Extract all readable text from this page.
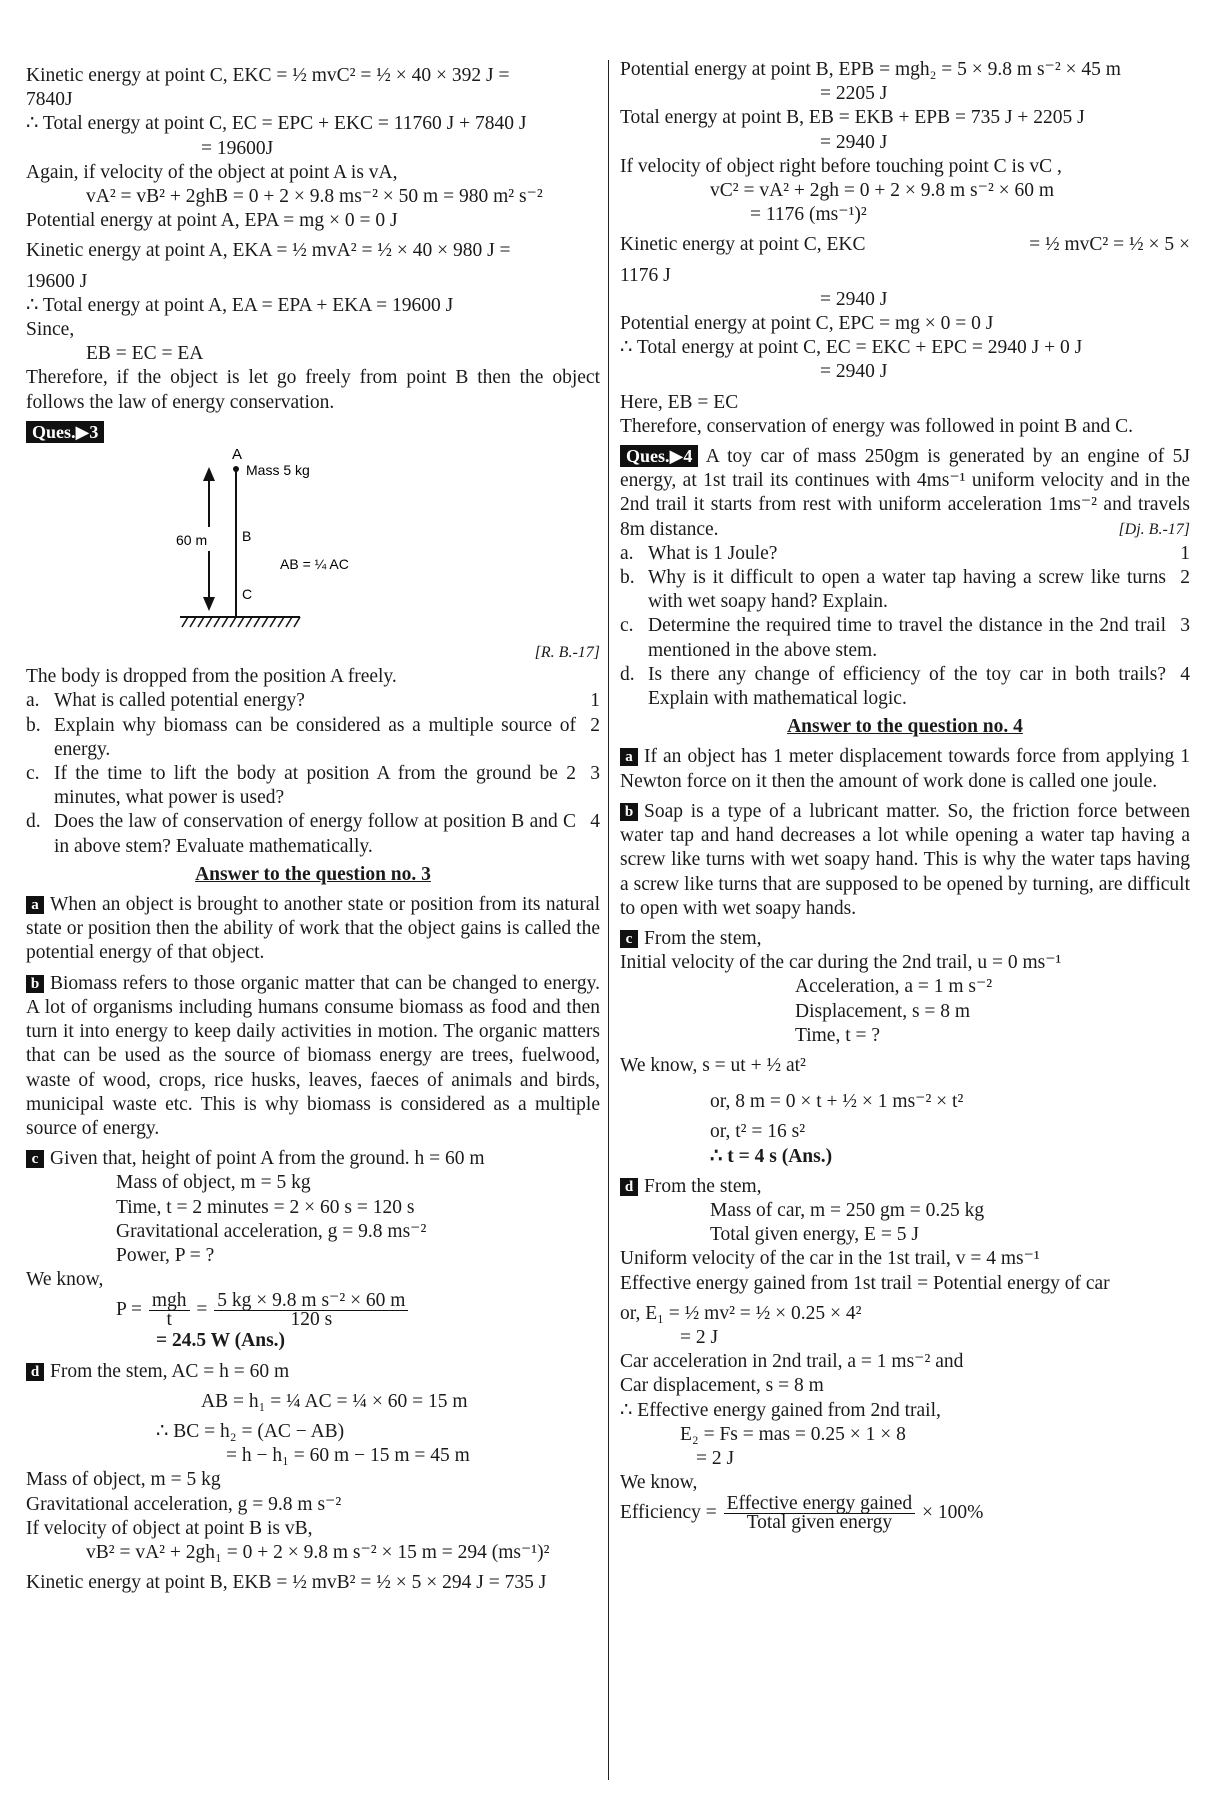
Kinetic energy at point C, EKC = ½ mvC² = ½ × 40 × 392 J =

7840J

∴ Total energy at point C, EC = EPC + EKC = 11760 J + 7840 J

= 19600J

Again, if velocity of the object at point A is vA,

vA² = vB² + 2ghB = 0 + 2 × 9.8 ms⁻² × 50 m = 980 m² s⁻²

Potential energy at point A, EPA = mg × 0 = 0 J

Kinetic energy at point A, EKA = ½ mvA² = ½ × 40 × 980 J =

19600 J

∴ Total energy at point A, EA = EPA + EKA = 19600 J

Since,

EB = EC = EA

Therefore, if the object is let go freely from point B then the object follows the law of energy conservation.

Ques.▶3

A
Mass 5 kg
B
60 m
AB = ¼ AC
C

[R. B.-17]

The body is dropped from the position A freely.

a. What is called potential energy?	1
b. Explain why biomass can be considered as a multiple source of energy.
2
c. If the time to lift the body at position A from the ground be 2 minutes, what power is used?
3
d. Does the law of conservation of energy follow at position B and C in above stem? Evaluate mathematically.
4

Answer to the question no. 3

a When an object is brought to another state or position from its natural state or position then the ability of work that the object gains is called the potential energy of that object.

b Biomass refers to those organic matter that can be changed to energy. A lot of organisms including humans consume biomass as food and then turn it into energy to keep daily activities in motion. The organic matters that can be used as the source of biomass energy are trees, fuelwood, waste of wood, crops, rice husks, leaves, faeces of animals and birds, municipal waste etc. This is why biomass is considered as a multiple source of energy.

c Given that, height of point A from the ground. h = 60 m

Mass of object, m = 5 kg

Time, t = 2 minutes = 2 × 60 s = 120 s

Gravitational acceleration, g = 9.8 ms⁻²

Power, P = ?

We know,

$P = \frac{\text{mgh}}{t} = \frac{\text{5 kg × 9.8 m s⁻² × 60 m}}{120 s}$

= 24.5 W (Ans.)

d From the stem, AC = h = 60 m

AB = h₁ = ¼ AC = ¼ × 60 = 15 m

∴ BC = h₂ = (AC − AB)

= h − h₁ = 60 m − 15 m = 45 m

Mass of object, m = 5 kg

Gravitational acceleration, g = 9.8 m s⁻²

If velocity of object at point B is vB,

vB² = vA² + 2gh₁ = 0 + 2 × 9.8 m s⁻² × 15 m = 294 (ms⁻¹)²

Kinetic energy at point B, EKB = ½ mvB² = ½ × 5 × 294 J = 735 J

Potential energy at point B, EPB = mgh₂ = 5 × 9.8 m s⁻² × 45 m

= 2205 J

Total energy at point B, EB = EKB + EPB = 735 J + 2205 J

= 2940 J

If velocity of object right before touching point C is vC ,

vC² = vA² + 2gh = 0 + 2 × 9.8 m s⁻² × 60 m

= 1176 (ms⁻¹)²

Kinetic energy at point C, EKC	= ½ mvC² = ½ × 5 ×

1176 J

= 2940 J

Potential energy at point C, EPC = mg × 0 = 0 J

∴ Total energy at point C, EC = EKC + EPC = 2940 J + 0 J

= 2940 J

Here, EB = EC

Therefore, conservation of energy was followed in point B and C.

Ques.▶4 A toy car of mass 250gm is generated by an engine of 5J energy, at 1st trail its continues with 4ms⁻¹ uniform velocity and in the 2nd trail it starts from rest with uniform acceleration 1ms⁻² and travels 8m distance.	[Dj. B.-17]

a. What is 1 Joule?	1
b. Why is it difficult to open a water tap having a screw like turns with wet soapy hand? Explain.
2
c. Determine the required time to travel the distance in the 2nd trail mentioned in the above stem.
3
d. Is there any change of efficiency of the toy car in both trails? Explain with mathematical logic.
4

Answer to the question no. 4

a If an object has 1 meter displacement towards force from applying 1 Newton force on it then the amount of work done is called one joule.

b Soap is a type of a lubricant matter. So, the friction force between water tap and hand decreases a lot while opening a water tap having a screw like turns with wet soapy hand. This is why the water taps having a screw like turns that are supposed to be opened by turning, are difficult to open with wet soapy hands.

c From the stem,

Initial velocity of the car during the 2nd trail, u = 0 ms⁻¹

Acceleration, a = 1 m s⁻²

Displacement, s = 8 m

Time, t = ?

We know, s = ut + ½ at²

or, 8 m = 0 × t + ½ × 1 ms⁻² × t²

or, t² = 16 s²

∴ t = 4 s (Ans.)

d From the stem,

Mass of car, m = 250 gm = 0.25 kg

Total given energy, E = 5 J

Uniform velocity of the car in the 1st trail, v = 4 ms⁻¹

Effective energy gained from 1st trail = Potential energy of car

or, E₁ = ½ mv² = ½ × 0.25 × 4²

= 2 J

Car acceleration in 2nd trail, a = 1 ms⁻² and

Car displacement, s = 8 m

∴ Effective energy gained from 2nd trail,

E₂ = Fs = mas = 0.25 × 1 × 8

= 2 J

We know,

Efficiency = $\frac{\text{Effective energy gained}}{\text{Total given energy}} \times 100\%$
